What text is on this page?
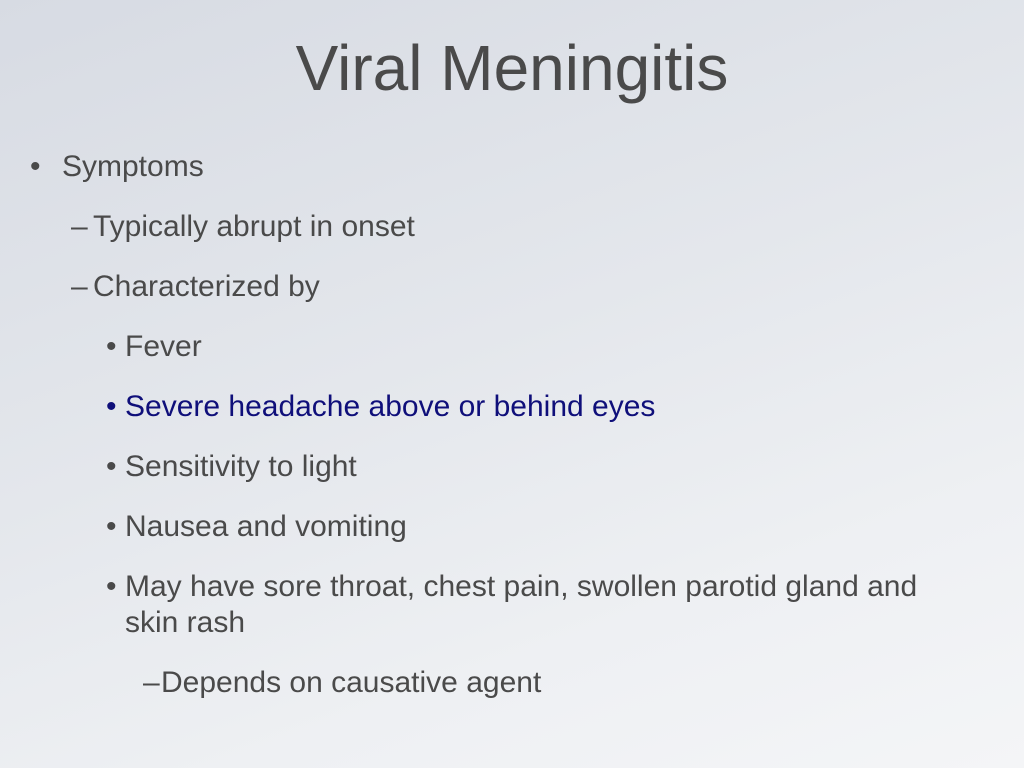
Viral Meningitis
• Symptoms
– Typically abrupt in onset
– Characterized by
• Fever
• Severe headache above or behind eyes
• Sensitivity to light
• Nausea and vomiting
• May have sore throat, chest pain, swollen parotid gland and skin rash
– Depends on causative agent
